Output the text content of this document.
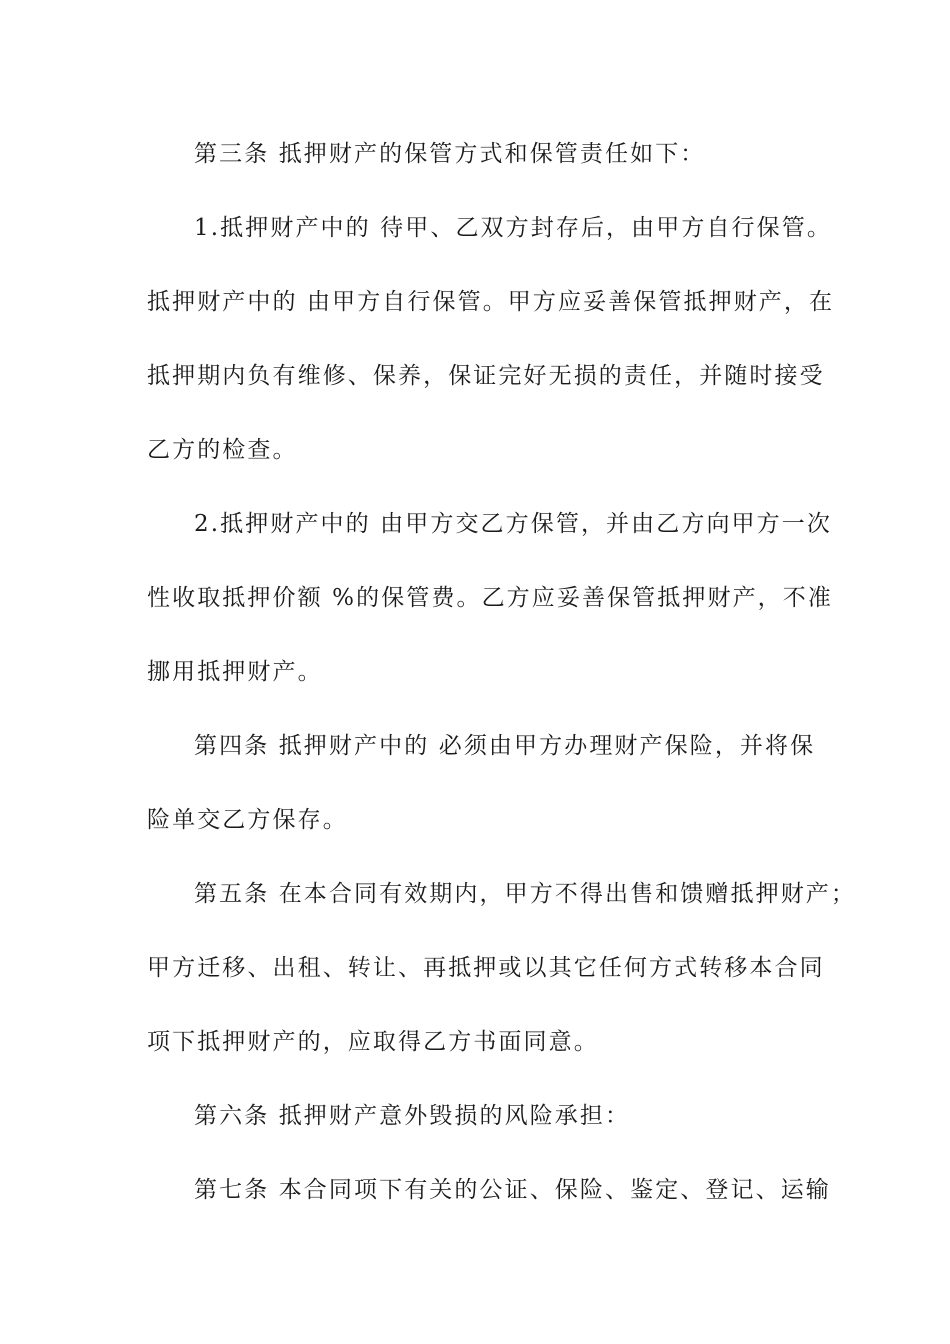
第三条 抵押财产的保管方式和保管责任如下：
1.抵押财产中的 待甲、乙双方封存后，由甲方自行保管。
抵押财产中的 由甲方自行保管。甲方应妥善保管抵押财产，在
抵押期内负有维修、保养，保证完好无损的责任，并随时接受
乙方的检查。
2.抵押财产中的 由甲方交乙方保管，并由乙方向甲方一次
性收取抵押价额 %的保管费。乙方应妥善保管抵押财产，不准
挪用抵押财产。
第四条 抵押财产中的 必须由甲方办理财产保险，并将保
险单交乙方保存。
第五条 在本合同有效期内，甲方不得出售和馈赠抵押财产；
甲方迁移、出租、转让、再抵押或以其它任何方式转移本合同
项下抵押财产的，应取得乙方书面同意。
第六条 抵押财产意外毁损的风险承担：
第七条 本合同项下有关的公证、保险、鉴定、登记、运输
